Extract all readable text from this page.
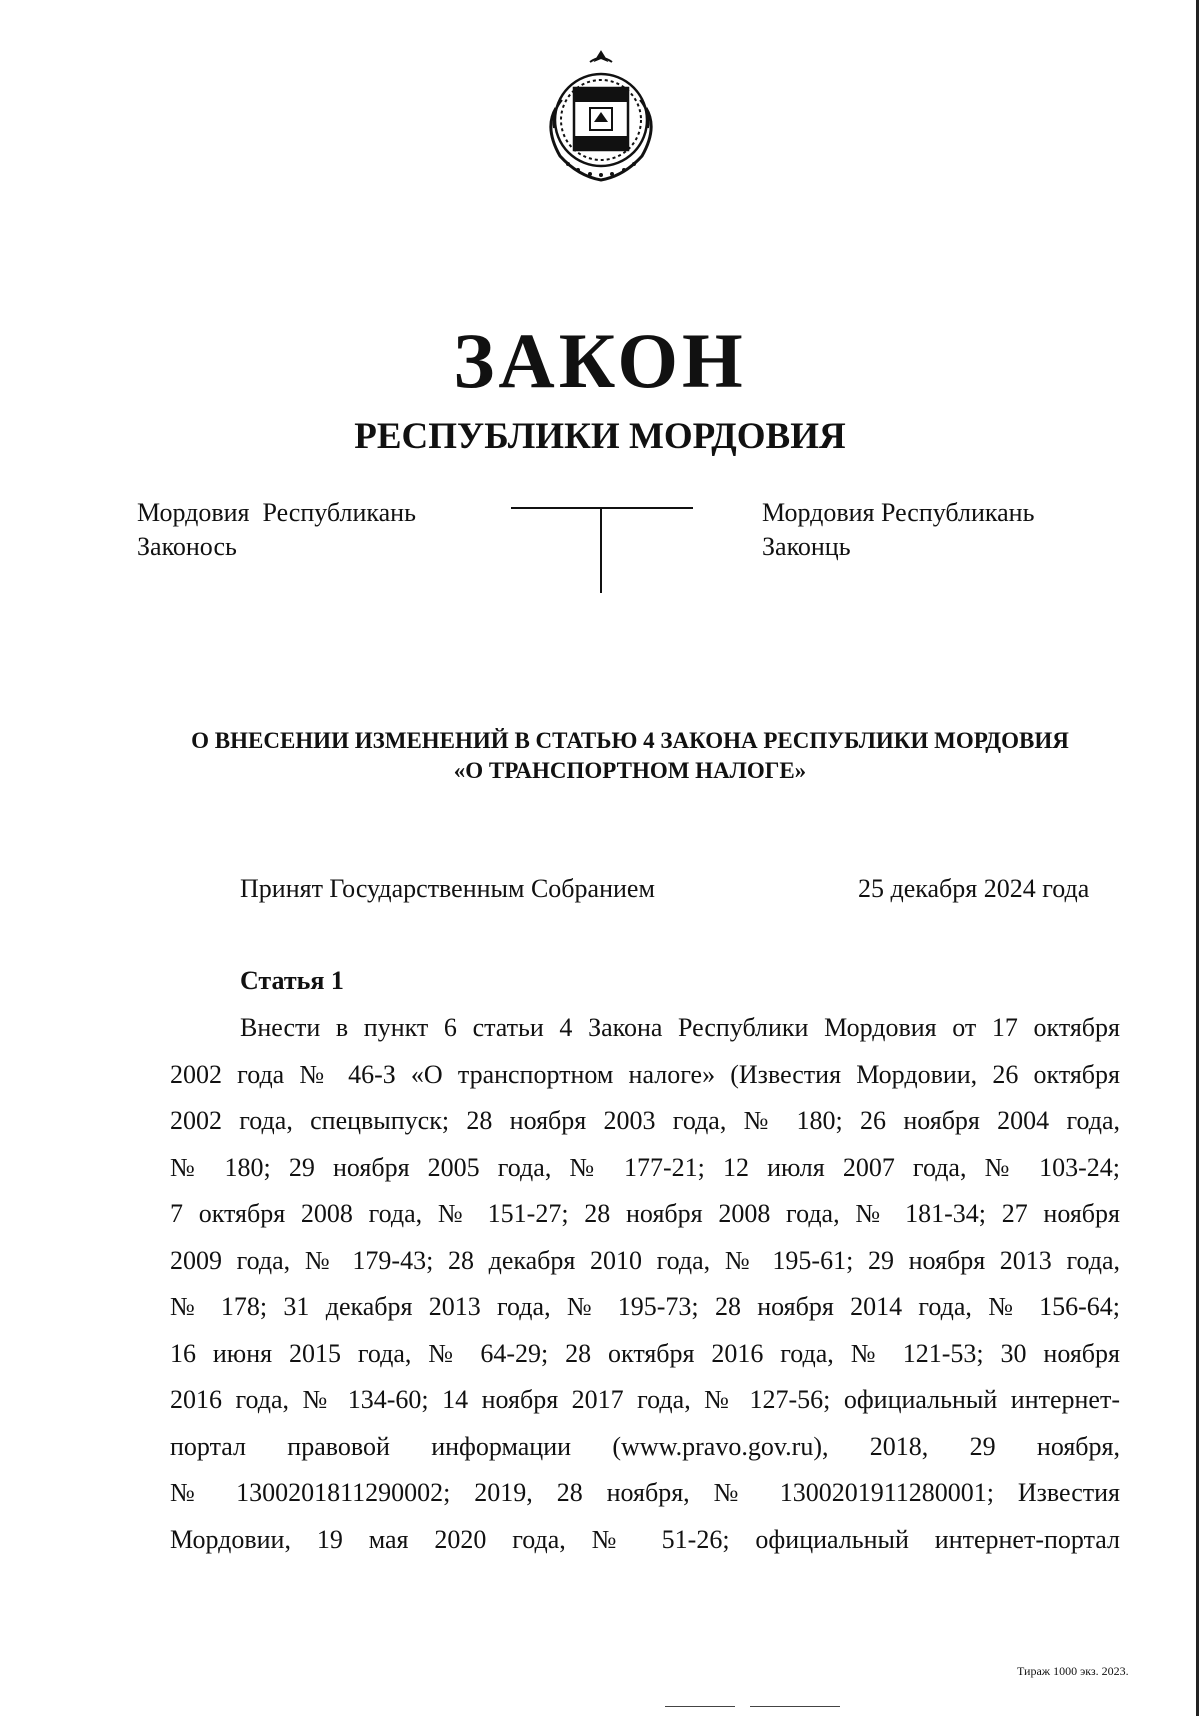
ЗАКОН
РЕСПУБЛИКИ МОРДОВИЯ
Мордовия  Республикань
Законось
Мордовия Республикань
Законць
О ВНЕСЕНИИ ИЗМЕНЕНИЙ В СТАТЬЮ 4 ЗАКОНА РЕСПУБЛИКИ МОРДОВИЯ
«О ТРАНСПОРТНОМ НАЛОГЕ»
Принят Государственным Собранием	25 декабря 2024 года
Статья 1
Внести в пункт 6 статьи 4 Закона Республики Мордовия от 17 октября
2002 года № 46-З «О транспортном налоге» (Известия Мордовии, 26 октября
2002 года, спецвыпуск; 28 ноября 2003 года, № 180; 26 ноября 2004 года,
№ 180; 29 ноября 2005 года, № 177-21; 12 июля 2007 года, № 103-24;
7 октября 2008 года, № 151-27; 28 ноября 2008 года, № 181-34; 27 ноября
2009 года, № 179-43; 28 декабря 2010 года, № 195-61; 29 ноября 2013 года,
№ 178; 31 декабря 2013 года, № 195-73; 28 ноября 2014 года, № 156-64;
16 июня 2015 года, № 64-29; 28 октября 2016 года, № 121-53; 30 ноября
2016 года, № 134-60; 14 ноября 2017 года, № 127-56; официальный интернет-
портал правовой информации (www.pravo.gov.ru), 2018, 29 ноября,
№ 1300201811290002; 2019, 28 ноября, № 1300201911280001; Известия
Мордовии, 19 мая 2020 года, № 51-26; официальный интернет-портал
Тираж 1000 экз. 2023.
